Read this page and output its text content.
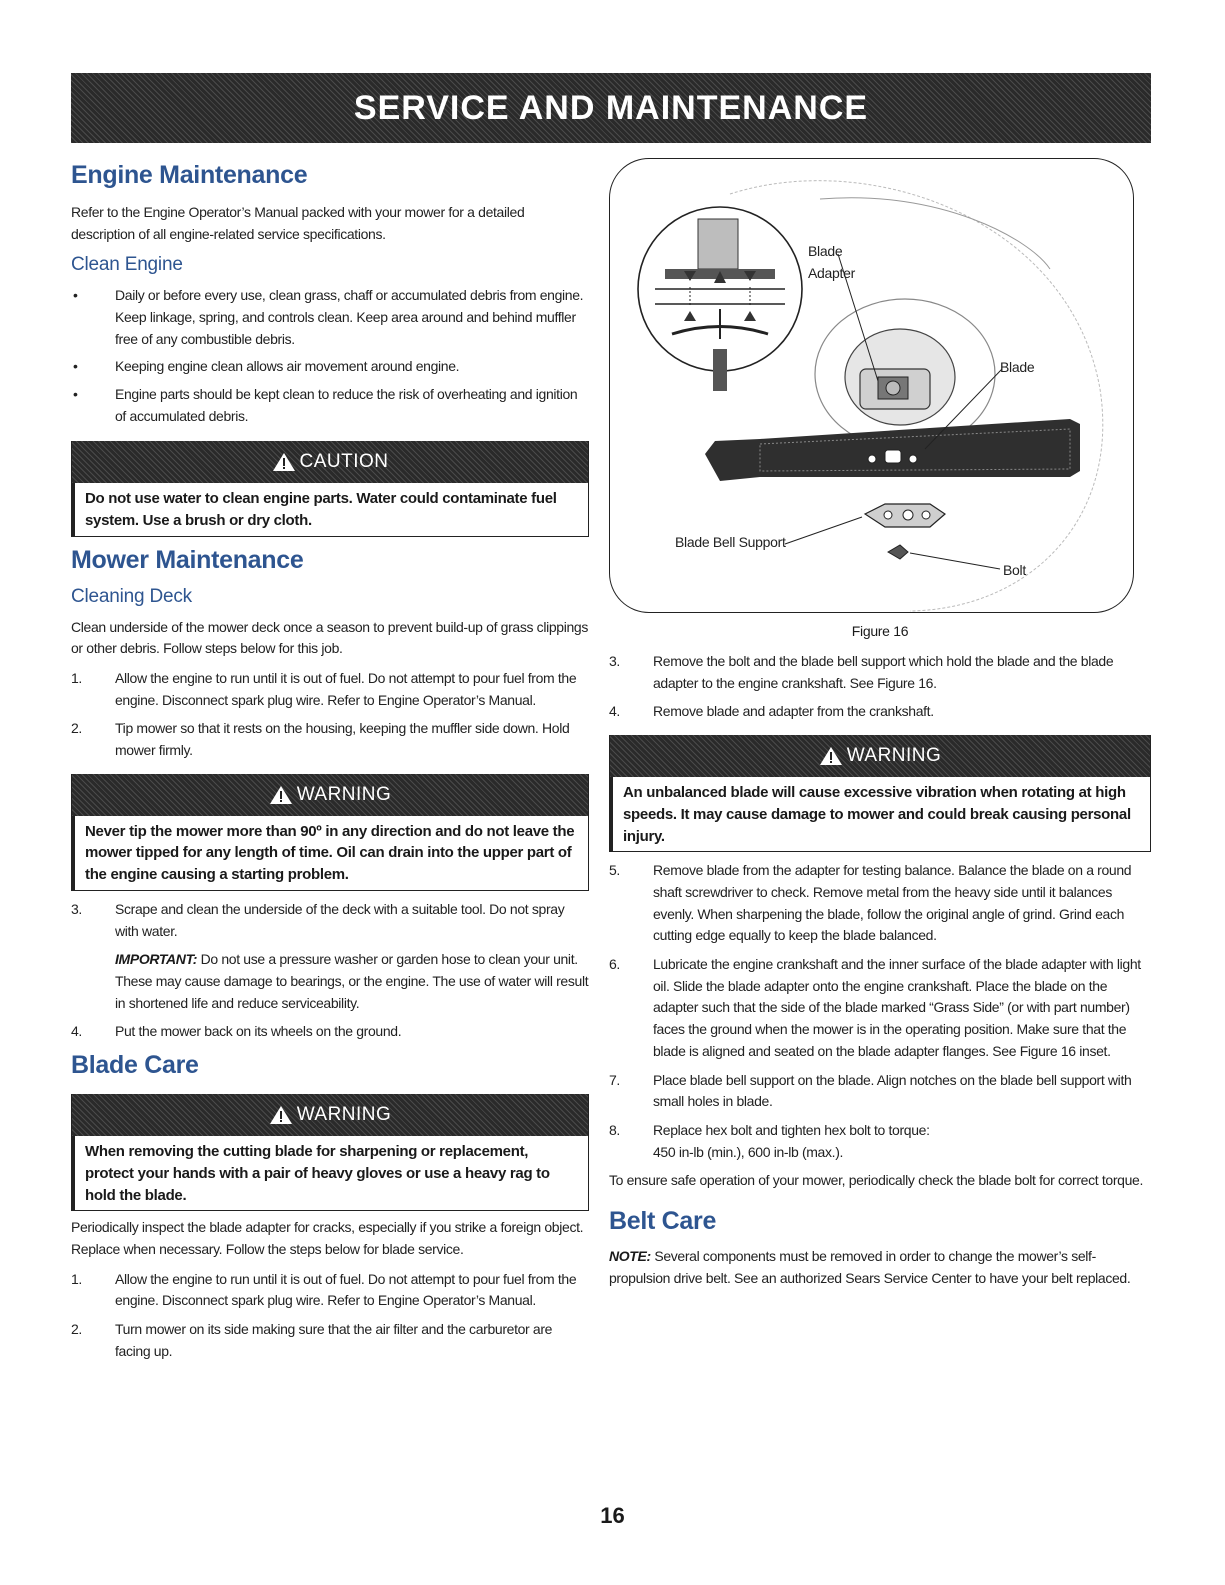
SERVICE AND MAINTENANCE
Engine Maintenance

Refer to the Engine Operator’s Manual packed with your mower for a detailed description of all engine-related service specifications.

Clean Engine
•	Daily or before every use, clean grass, chaff or accumulated debris from engine. Keep linkage, spring, and controls clean. Keep area around and behind muffler free of any combustible debris.
•	Keeping engine clean allows air movement around engine.
•	Engine parts should be kept clean to reduce the risk of overheating and ignition of accumulated debris.
CAUTION
Do not use water to clean engine parts. Water could contaminate fuel system. Use a brush or dry cloth.
Mower Maintenance
Cleaning Deck

Clean underside of the mower deck once a season to prevent build-up of grass clippings or other debris. Follow steps below for this job.

1. Allow the engine to run until it is out of fuel. Do not attempt to pour fuel from the engine. Disconnect spark plug wire. Refer to Engine Operator’s Manual.
2. Tip mower so that it rests on the housing, keeping the muffler side down. Hold mower firmly.
WARNING
Never tip the mower more than 90º in any direction and do not leave the mower tipped for any length of time. Oil can drain into the upper part of the engine causing a starting problem.
3. Scrape and clean the underside of the deck with a suitable tool. Do not spray with water.
IMPORTANT: Do not use a pressure washer or garden hose to clean your unit. These may cause damage to bearings, or the engine. The use of water will result in shortened life and reduce serviceability.
4. Put the mower back on its wheels on the ground.
Blade Care
WARNING
When removing the cutting blade for sharpening or replacement, protect your hands with a pair of heavy gloves or use a heavy rag to hold the blade.

Periodically inspect the blade adapter for cracks, especially if you strike a foreign object. Replace when necessary. Follow the steps below for blade service.

1. Allow the engine to run until it is out of fuel. Do not attempt to pour fuel from the engine. Disconnect spark plug wire. Refer to Engine Operator’s Manual.
2. Turn mower on its side making sure that the air filter and the carburetor are facing up.
Blade Adapter
Blade
Blade Bell Support
Bolt
Figure 16
3. Remove the bolt and the blade bell support which hold the blade and the blade adapter to the engine crankshaft. See Figure 16.
4. Remove blade and adapter from the crankshaft.
WARNING
An unbalanced blade will cause excessive vibration when rotating at high speeds. It may cause damage to mower and could break causing personal injury.
5. Remove blade from the adapter for testing balance. Balance the blade on a round shaft screwdriver to check. Remove metal from the heavy side until it balances evenly. When sharpening the blade, follow the original angle of grind. Grind each cutting edge equally to keep the blade balanced.
6. Lubricate the engine crankshaft and the inner surface of the blade adapter with light oil. Slide the blade adapter onto the engine crankshaft. Place the blade on the adapter such that the side of the blade marked “Grass Side” (or with part number) faces the ground when the mower is in the operating position. Make sure that the blade is aligned and seated on the blade adapter flanges. See Figure 16 inset.
7. Place blade bell support on the blade. Align notches on the blade bell support with small holes in blade.
8. Replace hex bolt and tighten hex bolt to torque:
450 in-lb (min.), 600 in-lb (max.).

To ensure safe operation of your mower, periodically check the blade bolt for correct torque.

Belt Care

NOTE: Several components must be removed in order to change the mower’s self-propulsion drive belt. See an authorized Sears Service Center to have your belt replaced.

16
